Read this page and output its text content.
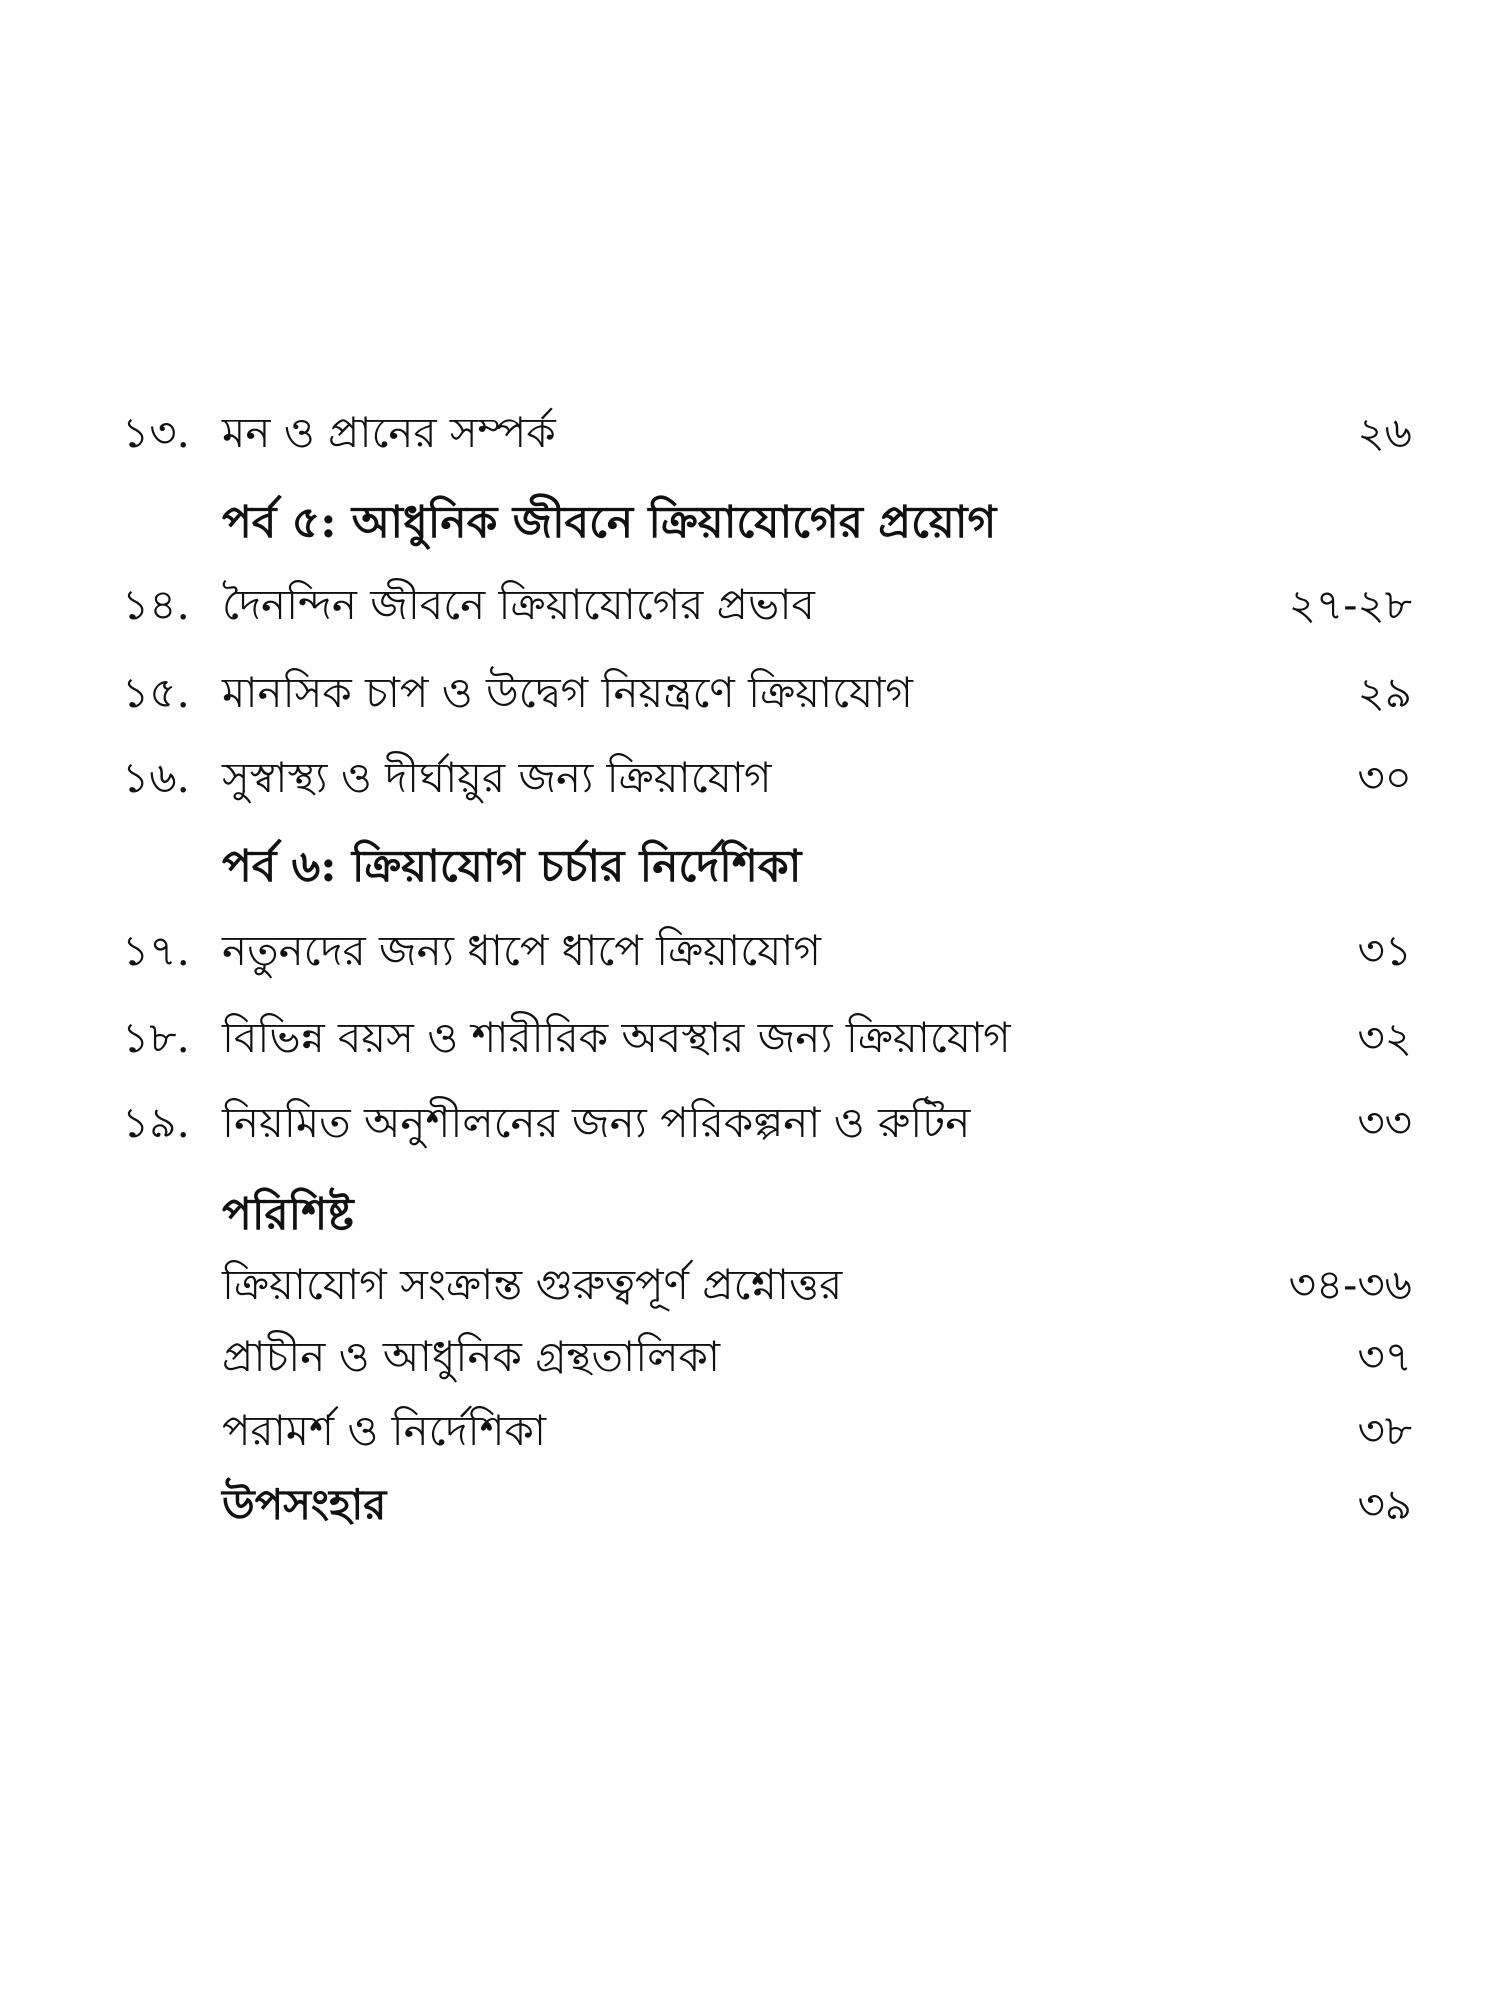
১৩. মন ও প্রানের সম্পর্ক	২৬
পর্ব ৫: আধুনিক জীবনে ক্রিয়াযোগের প্রয়োগ
১৪. দৈনন্দিন জীবনে ক্রিয়াযোগের প্রভাব	২৭-২৮
১৫. মানসিক চাপ ও উদ্বেগ নিয়ন্ত্রণে ক্রিয়াযোগ	২৯
১৬. সুস্বাস্থ্য ও দীর্ঘায়ুর জন্য ক্রিয়াযোগ	৩০
পর্ব ৬: ক্রিয়াযোগ চর্চার নির্দেশিকা
১৭. নতুনদের জন্য ধাপে ধাপে ক্রিয়াযোগ	৩১
১৮. বিভিন্ন বয়স ও শারীরিক অবস্থার জন্য ক্রিয়াযোগ	৩২
১৯. নিয়মিত অনুশীলনের জন্য পরিকল্পনা ও রুটিন	৩৩
পরিশিষ্ট
ক্রিয়াযোগ সংক্রান্ত গুরুত্বপূর্ণ প্রশ্নোত্তর	৩৪-৩৬
প্রাচীন ও আধুনিক গ্রন্থতালিকা	৩৭
পরামর্শ ও নির্দেশিকা	৩৮
উপসংহার	৩৯
